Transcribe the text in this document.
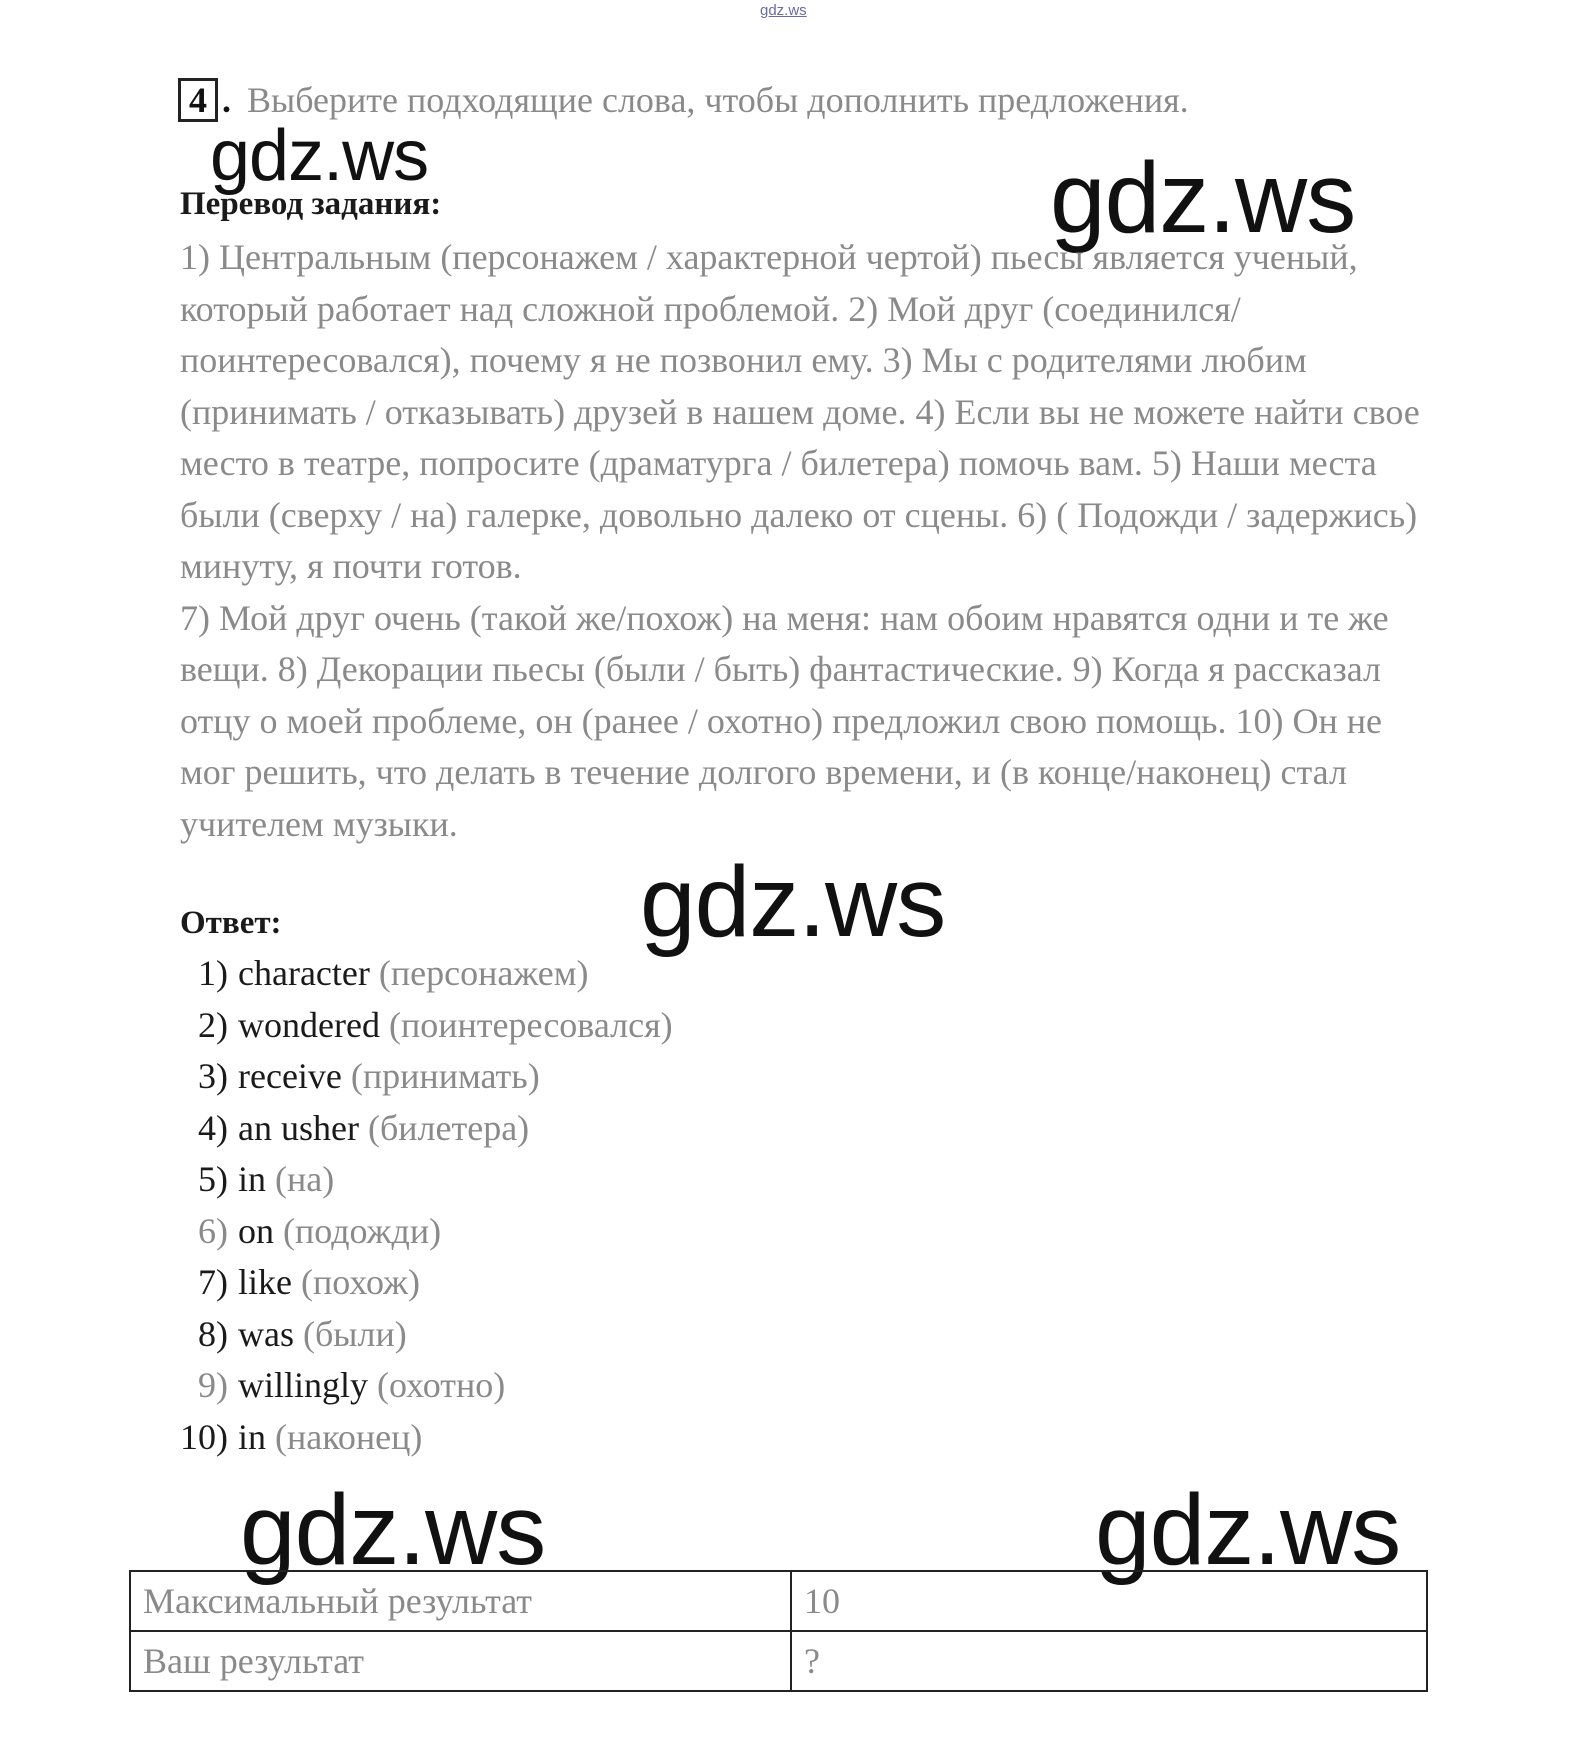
gdz.ws
4 . Выберите подходящие слова, чтобы дополнить предложения.
gdz.ws	gdz.ws
Перевод задания:

1) Центральным (персонажем / характерной чертой) пьесы является ученый, который работает над сложной проблемой. 2) Мой друг (соединился/ поинтересовался), почему я не позвонил ему. 3) Мы с родителями любим (принимать / отказывать) друзей в нашем доме. 4) Если вы не можете найти свое место в театре, попросите (драматурга / билетера) помочь вам. 5) Наши места были (сверху / на) галерке, довольно далеко от сцены. 6) ( Подожди / задержись) минуту, я почти готов.

7) Мой друг очень (такой же/похож) на меня: нам обоим нравятся одни и те же вещи. 8) Декорации пьесы (были / быть) фантастические. 9) Когда я рассказал отцу о моей проблеме, он (ранее / охотно) предложил свою помощь. 10) Он не мог решить, что делать в течение долгого времени, и (в конце/наконец) стал учителем музыки.

gdz.ws
Ответ:
1) character (персонажем)
2) wondered (поинтересовался)
3) receive (принимать)
4) an usher (билетера)
5) in (на)
6) on (подожди)
7) like (похож)
8) was (были)
9) willingly (охотно)
10) in (наконец)
gdz.ws	gdz.ws
Максимальный результат	10
Ваш результат	?
